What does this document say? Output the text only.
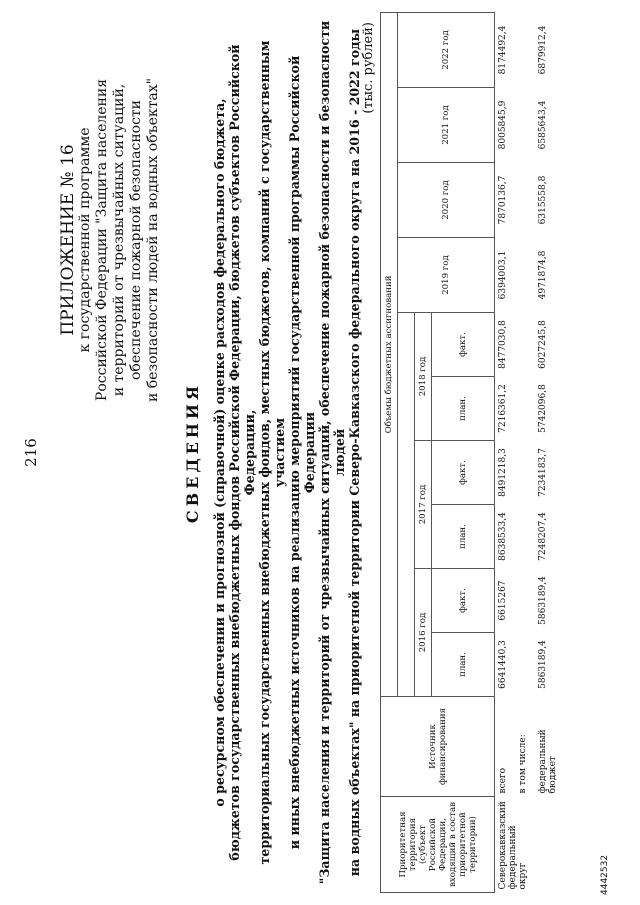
216
ПРИЛОЖЕНИЕ № 16 к государственной программе Российской Федерации "Защита населения и территорий от чрезвычайных ситуаций, обеспечение пожарной безопасности и безопасности людей на водных объектах"
СВЕДЕНИЯ о ресурсном обеспечении и прогнозной (справочной) оценке расходов федерального бюджета, бюджетов государственных внебюджетных фондов Российской Федерации, бюджетов субъектов Российской Федерации, территориальных государственных внебюджетных фондов, местных бюджетов, компаний с государственным участием и иных внебюджетных источников на реализацию мероприятий государственной программы Российской Федерации "Защита населения и территорий от чрезвычайных ситуаций, обеспечение пожарной безопасности и безопасности людей на водных объектах" на приоритетной территории Северо-Кавказского федерального округа на 2016 - 2022 годы (тыс. рублей)
Приоритетная территория (субъект Российской Федерации, входящий в состав приоритетной территории)	Источник финансирования	Объемы бюджетных ассигнований									
								2019 год	2020 год	2021 год	2022 год
		2016 год		2017 год		2018 год					
		план.	факт.	план.	факт.	план.	факт.				
Северокавказский федеральный округ	всего	6641440,3	6615267	8638533,4	8491218,3	7216361,2	8477030,8	6394003,1	7870136,7	8005845,9	8174492,4
	в том числе:										
	федеральный бюджет	5863189,4	5863189,4	7248207,4	7234183,7	5742096,8	6027245,8	4971874,8	6315558,8	6585643,4	6879912,4
4442532
